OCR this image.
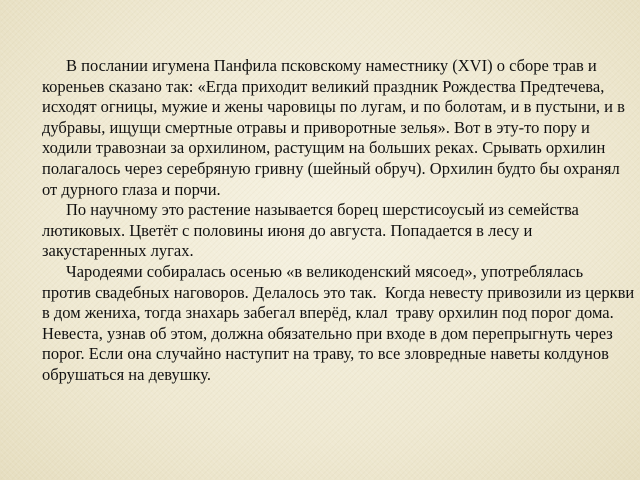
В послании игумена Панфила псковскому наместнику (XVI) о сборе трав и кореньев сказано так: «Егда приходит великий праздник Рождества Предтечева, исходят огницы, мужие и жены чаровицы по лугам, и по болотам, и в пустыни, и в дубравы, ищущи смертные отравы и приворотные зелья». Вот в эту-то пору и ходили травознаи за орхилином, растущим на больших реках. Срывать орхилин полагалось через серебряную гривну (шейный обруч). Орхилин будто бы охранял от дурного глаза и порчи.

По научному это растение называется борец шерстисоусый из семейства лютиковых. Цветёт с половины июня до августа. Попадается в лесу и закустаренных лугах.

Чародеями собиралась осенью «в великоденский мясоед», употреблялась против свадебных наговоров. Делалось это так.  Когда невесту привозили из церкви в дом жениха, тогда знахарь забегал вперёд, клал  траву орхилин под порог дома.  Невеста, узнав об этом, должна обязательно при входе в дом перепрыгнуть через порог. Если она случайно наступит на траву, то все зловредные наветы колдунов обрушаться на девушку.
